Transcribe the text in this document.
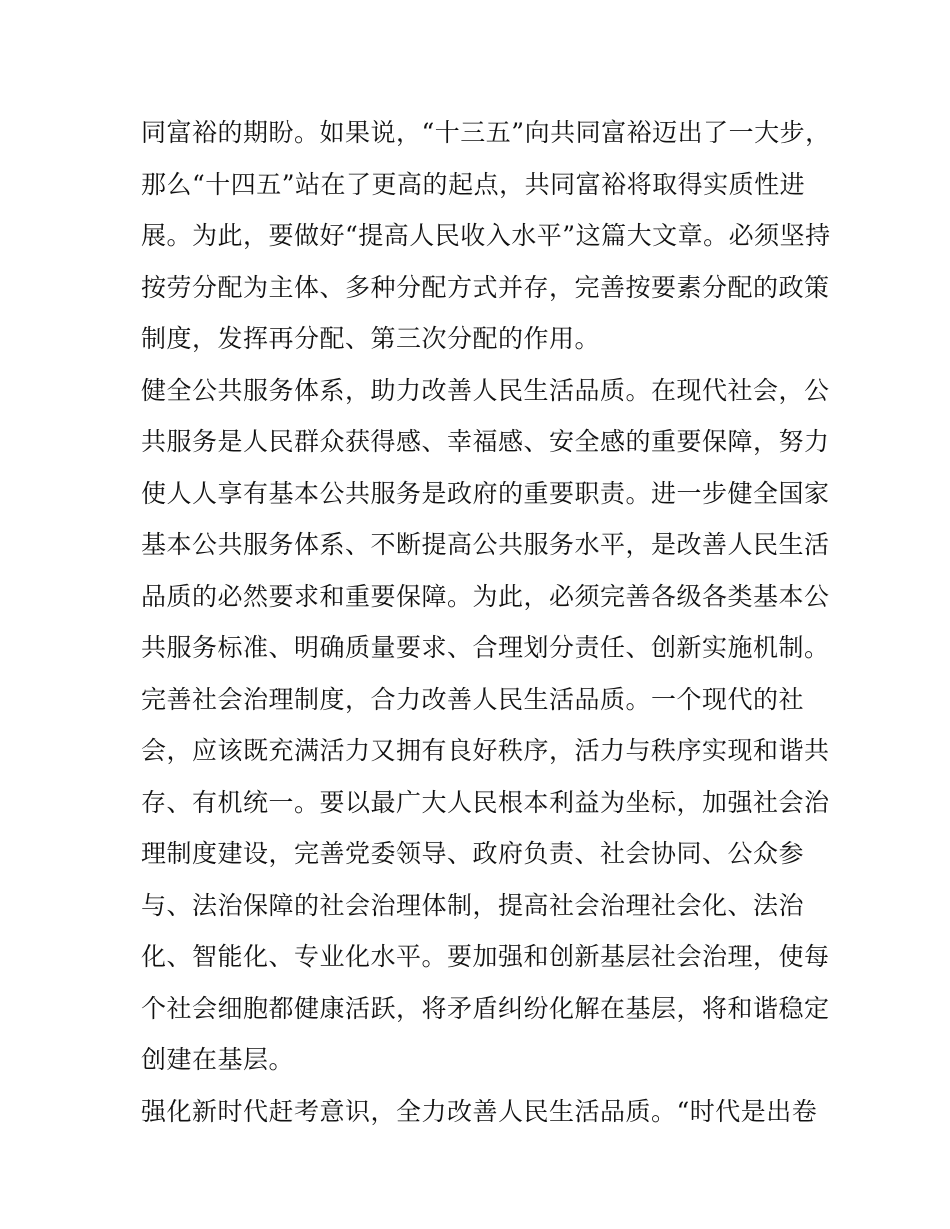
同富裕的期盼。如果说，“十三五”向共同富裕迈出了一大步，
那么“十四五”站在了更高的起点，共同富裕将取得实质性进
展。为此，要做好“提高人民收入水平”这篇大文章。必须坚持
按劳分配为主体、多种分配方式并存，完善按要素分配的政策
制度，发挥再分配、第三次分配的作用。
健全公共服务体系，助力改善人民生活品质。在现代社会，公
共服务是人民群众获得感、幸福感、安全感的重要保障，努力
使人人享有基本公共服务是政府的重要职责。进一步健全国家
基本公共服务体系、不断提高公共服务水平，是改善人民生活
品质的必然要求和重要保障。为此，必须完善各级各类基本公
共服务标准、明确质量要求、合理划分责任、创新实施机制。
完善社会治理制度，合力改善人民生活品质。一个现代的社
会，应该既充满活力又拥有良好秩序，活力与秩序实现和谐共
存、有机统一。要以最广大人民根本利益为坐标，加强社会治
理制度建设，完善党委领导、政府负责、社会协同、公众参
与、法治保障的社会治理体制，提高社会治理社会化、法治
化、智能化、专业化水平。要加强和创新基层社会治理，使每
个社会细胞都健康活跃，将矛盾纠纷化解在基层，将和谐稳定
创建在基层。
强化新时代赶考意识，全力改善人民生活品质。“时代是出卷
